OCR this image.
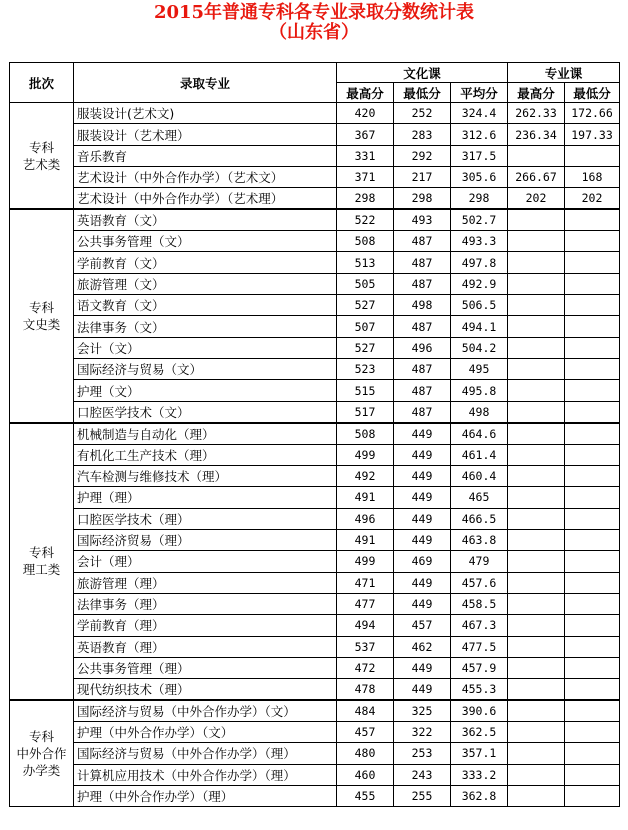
2015年普通专科各专业录取分数统计表
（山东省）
批次	录取专业	文化课			专业课	
		最高分	最低分	平均分	最高分	最低分

专科
艺术类	服装设计(艺术文)	420	252	324.4	262.33	172.66
	服装设计（艺术理）	367	283	312.6	236.34	197.33
	音乐教育	331	292	317.5		
	艺术设计（中外合作办学）（艺术文）	371	217	305.6	266.67	168
	艺术设计（中外合作办学）（艺术理）	298	298	298	202	202

专科
文史类	英语教育（文）	522	493	502.7		
	公共事务管理（文）	508	487	493.3		
	学前教育（文）	513	487	497.8		
	旅游管理（文）	505	487	492.9		
	语文教育（文）	527	498	506.5		
	法律事务（文）	507	487	494.1		
	会计（文）	527	496	504.2		
	国际经济与贸易（文）	523	487	495		
	护理（文）	515	487	495.8		
	口腔医学技术（文）	517	487	498		

专科
理工类	机械制造与自动化（理）	508	449	464.6		
	有机化工生产技术（理）	499	449	461.4		
	汽车检测与维修技术（理）	492	449	460.4		
	护理（理）	491	449	465		
	口腔医学技术（理）	496	449	466.5		
	国际经济贸易（理）	491	449	463.8		
	会计（理）	499	469	479		
	旅游管理（理）	471	449	457.6		
	法律事务（理）	477	449	458.5		
	学前教育（理）	494	457	467.3		
	英语教育（理）	537	462	477.5		
	公共事务管理（理）	472	449	457.9		
	现代纺织技术（理）	478	449	455.3		

专科
中外合作
办学类	国际经济与贸易（中外合作办学）（文）	484	325	390.6		
	护理（中外合作办学）（文）	457	322	362.5		
	国际经济与贸易（中外合作办学）（理）	480	253	357.1		
	计算机应用技术（中外合作办学）（理）	460	243	333.2		
	护理（中外合作办学）（理）	455	255	362.8		
